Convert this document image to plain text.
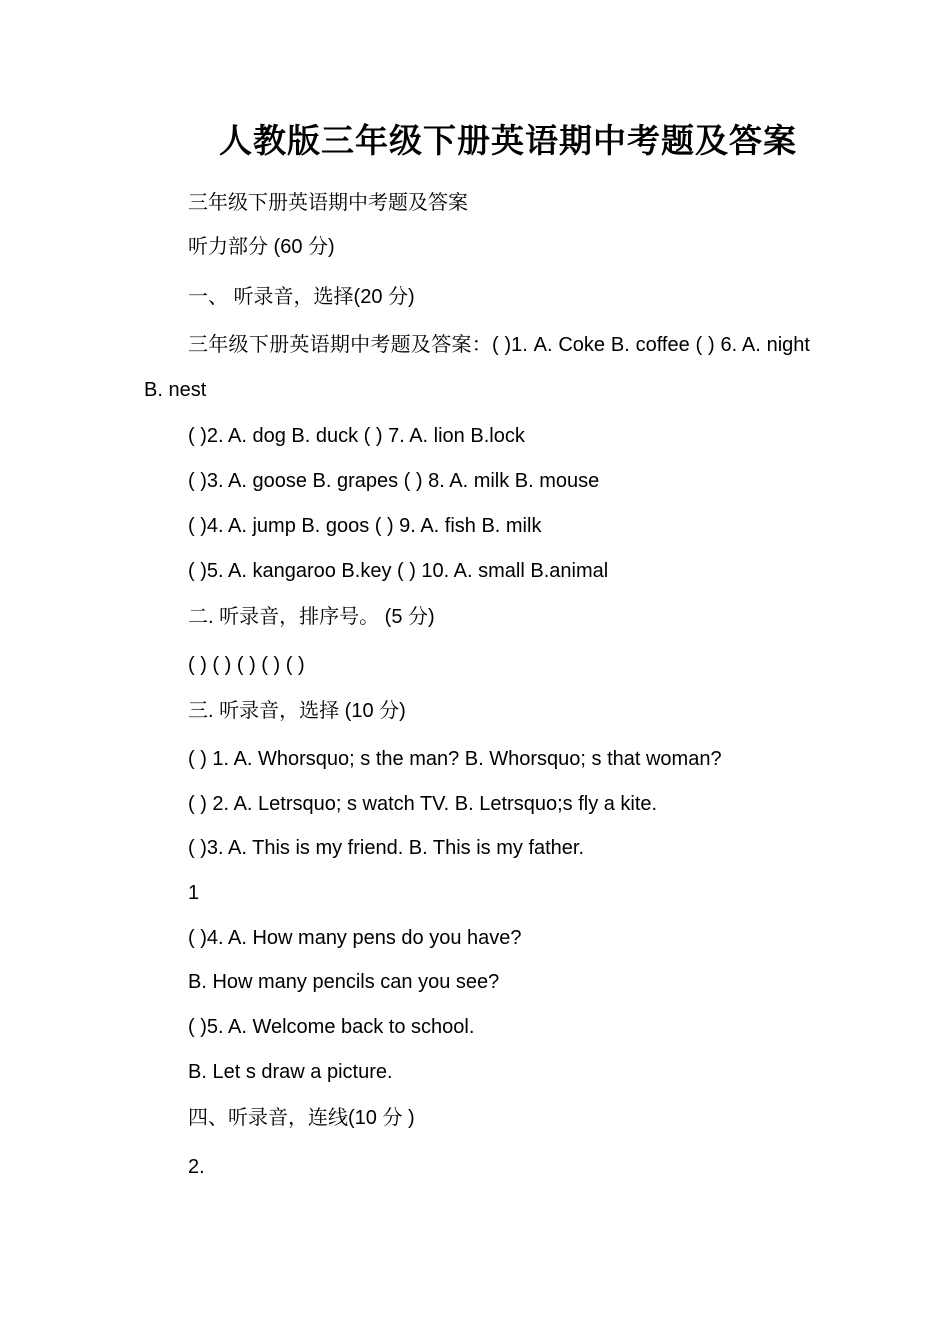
人教版三年级下册英语期中考题及答案
三年级下册英语期中考题及答案
听力部分 (60 分)
一、 听录音，选择(20 分)
三年级下册英语期中考题及答案：( )1. A. Coke B. coffee ( ) 6. A. night B. nest
( )2. A. dog B. duck ( ) 7. A. lion B.lock
( )3. A. goose B. grapes ( ) 8. A. milk B. mouse
( )4. A. jump B. goos ( ) 9. A. fish B. milk
( )5. A. kangaroo B.key ( ) 10. A. small B.animal
二. 听录音，排序号。 (5 分)
( ) ( ) ( ) ( ) ( )
三. 听录音，选择 (10 分)
( ) 1. A. Whorsquo; s the man? B. Whorsquo; s that woman?
( ) 2. A. Letrsquo; s watch TV. B. Letrsquo;s fly a kite.
( )3. A. This is my friend. B. This is my father.
1
( )4. A. How many pens do you have?
B. How many pencils can you see?
( )5. A. Welcome back to school.
B. Let s draw a picture.
四、听录音，连线(10 分 )
2.
